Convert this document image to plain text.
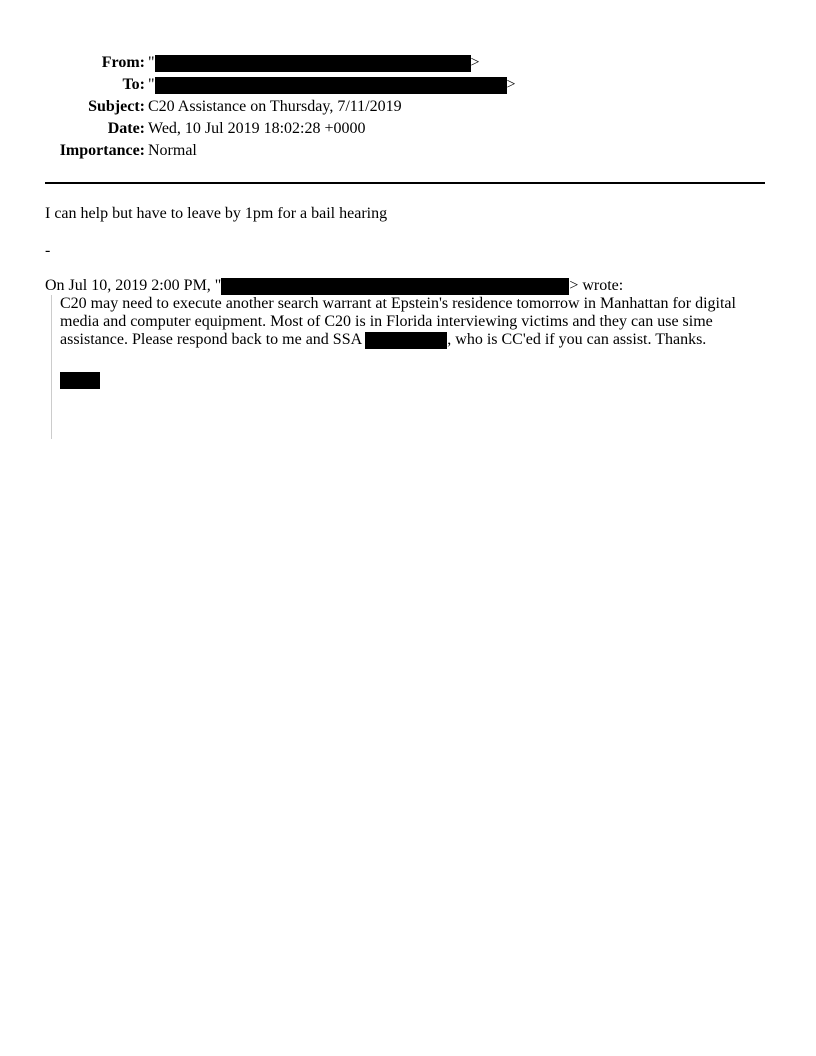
From: "	>
To: "	>
Subject: C20 Assistance on Thursday, 7/11/2019
Date: Wed, 10 Jul 2019 18:02:28 +0000
Importance: Normal
I can help but have to leave by 1pm for a bail hearing
-
On Jul 10, 2019 2:00 PM, "	> wrote:
C20 may need to execute another search warrant at Epstein's residence tomorrow in Manhattan for digital
media and computer equipment. Most of C20 is in Florida interviewing victims and they can use sime
assistance. Please respond back to me and SSA	, who is CC'ed if you can assist. Thanks.
